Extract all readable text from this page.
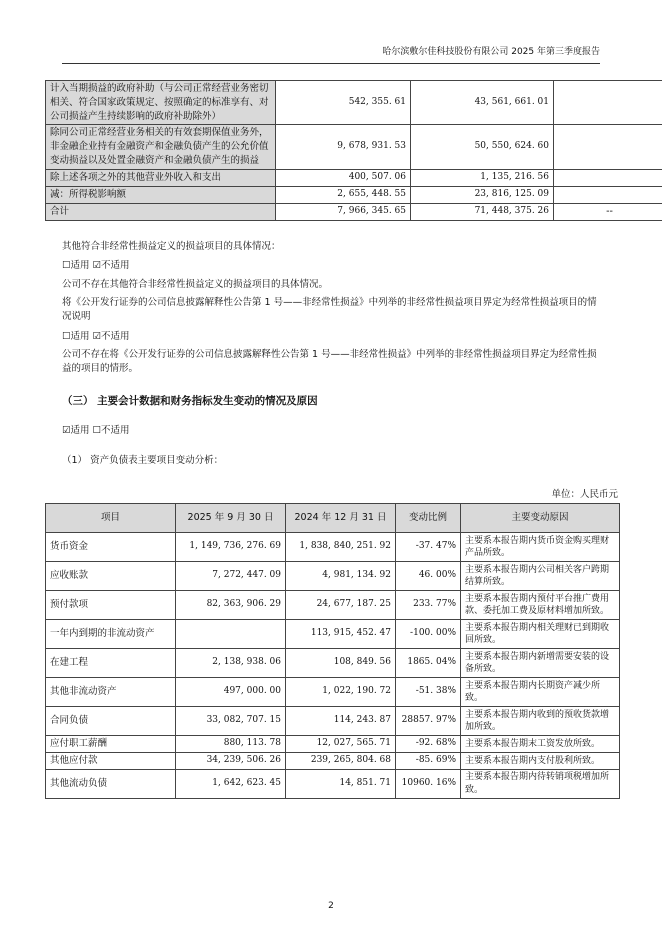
哈尔滨敷尔佳科技股份有限公司 2025 年第三季度报告
计入当期损益的政府补助（与公司正常经营业务密切相关、符合国家政策规定、按照确定的标准享有、对公司损益产生持续影响的政府补助除外）	542, 355. 61	43, 561, 661. 01	
除同公司正常经营业务相关的有效套期保值业务外，非金融企业持有金融资产和金融负债产生的公允价值变动损益以及处置金融资产和金融负债产生的损益	9, 678, 931. 53	50, 550, 624. 60	
除上述各项之外的其他营业外收入和支出	400, 507. 06	1, 135, 216. 56	
减：所得税影响额	2, 655, 448. 55	23, 816, 125. 09	
合计	7, 966, 345. 65	71, 448, 375. 26	--
其他符合非经常性损益定义的损益项目的具体情况：
☐适用 ☑不适用
公司不存在其他符合非经常性损益定义的损益项目的具体情况。
将《公开发行证券的公司信息披露解释性公告第 1 号——非经常性损益》中列举的非经常性损益项目界定为经常性损益项目的情况说明
☐适用 ☑不适用
公司不存在将《公开发行证券的公司信息披露解释性公告第 1 号——非经常性损益》中列举的非经常性损益项目界定为经常性损益的项目的情形。
（三） 主要会计数据和财务指标发生变动的情况及原因
☑适用 ☐不适用
（1） 资产负债表主要项目变动分析：
单位：人民币元
项目	2025 年 9 月 30 日	2024 年 12 月 31 日	变动比例	主要变动原因
货币资金	1, 149, 736, 276. 69	1, 838, 840, 251. 92	-37. 47%	主要系本报告期内货币资金购买理财产品所致。
应收账款	7, 272, 447. 09	4, 981, 134. 92	46. 00%	主要系本报告期内公司相关客户跨期结算所致。
预付款项	82, 363, 906. 29	24, 677, 187. 25	233. 77%	主要系本报告期内预付平台推广费用款、委托加工费及原材料增加所致。
一年内到期的非流动资产		113, 915, 452. 47	-100. 00%	主要系本报告期内相关理财已到期收回所致。
在建工程	2, 138, 938. 06	108, 849. 56	1865. 04%	主要系本报告期内新增需要安装的设备所致。
其他非流动资产	497, 000. 00	1, 022, 190. 72	-51. 38%	主要系本报告期内长期资产减少所致。
合同负债	33, 082, 707. 15	114, 243. 87	28857. 97%	主要系本报告期内收到的预收货款增加所致。
应付职工薪酬	880, 113. 78	12, 027, 565. 71	-92. 68%	主要系本报告期末工资发放所致。
其他应付款	34, 239, 506. 26	239, 265, 804. 68	-85. 69%	主要系本报告期内支付股利所致。
其他流动负债	1, 642, 623. 45	14, 851. 71	10960. 16%	主要系本报告期内待转销项税增加所致。
2
